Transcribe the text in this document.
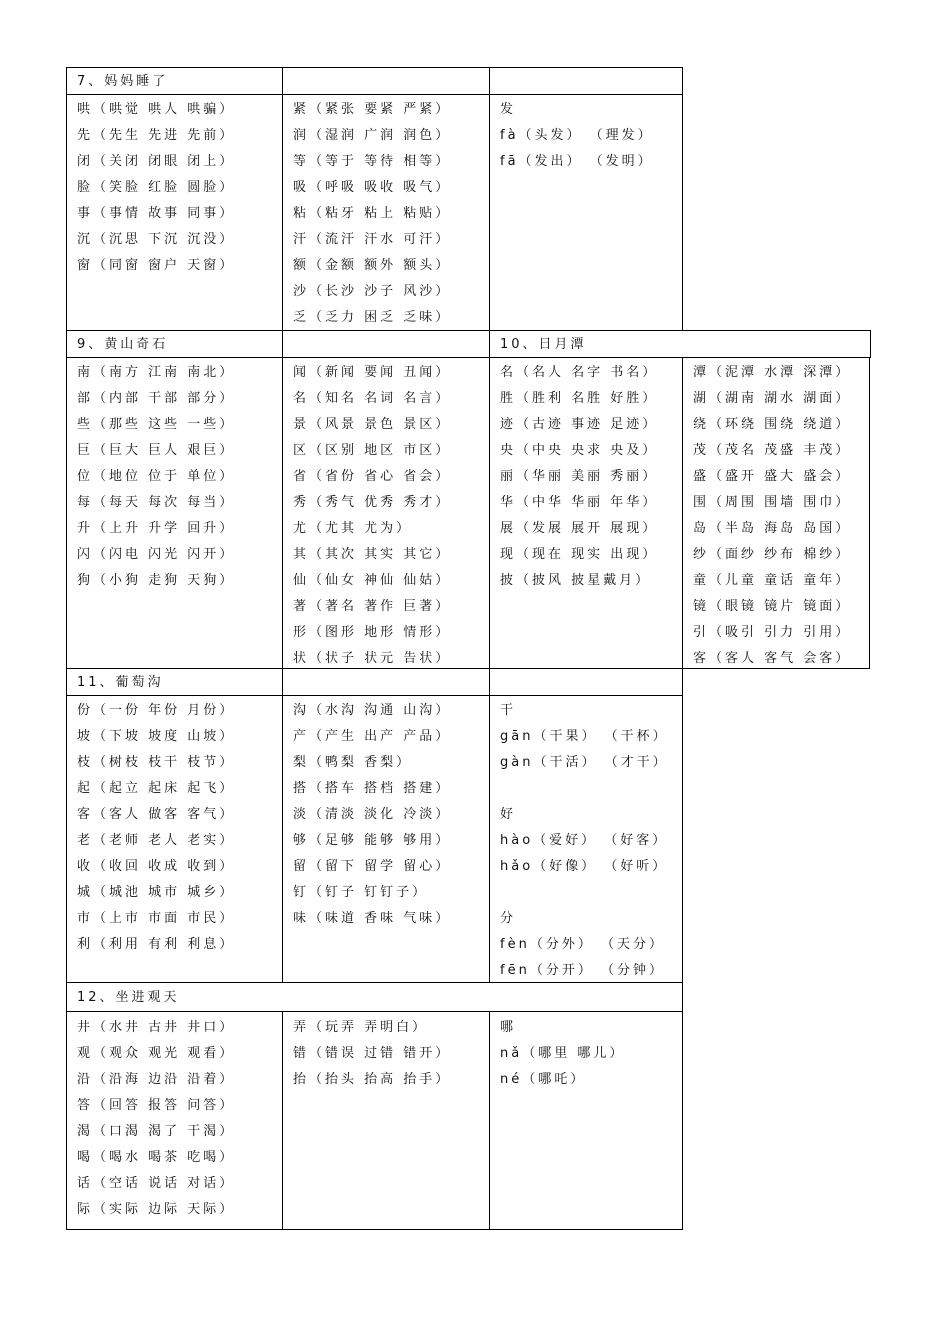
7、妈妈睡了
哄（哄觉 哄人 哄骗）
先（先生 先进 先前）
闭（关闭 闭眼 闭上）
脸（笑脸 红脸 圆脸）
事（事情 故事 同事）
沉（沉思 下沉 沉没）
窗（同窗 窗户 天窗）
紧（紧张 要紧 严紧）
润（湿润 广润 润色）
等（等于 等待 相等）
吸（呼吸 吸收 吸气）
粘（粘牙 粘上 粘贴）
汗（流汗 汗水 可汗）
额（金额 额外 额头）
沙（长沙 沙子 风沙）
乏（乏力 困乏 乏味）
发
fà（头发） （理发）
fā（发出） （发明）
9、黄山奇石	10、日月潭
南（南方 江南 南北）
部（内部 干部 部分）
些（那些 这些 一些）
巨（巨大 巨人 艰巨）
位（地位 位于 单位）
每（每天 每次 每当）
升（上升 升学 回升）
闪（闪电 闪光 闪开）
狗（小狗 走狗 天狗）
闻（新闻 要闻 丑闻）
名（知名 名词 名言）
景（风景 景色 景区）
区（区别 地区 市区）
省（省份 省心 省会）
秀（秀气 优秀 秀才）
尤（尤其 尤为）
其（其次 其实 其它）
仙（仙女 神仙 仙姑）
著（著名 著作 巨著）
形（图形 地形 情形）
状（状子 状元 告状）
名（名人 名字 书名）
胜（胜利 名胜 好胜）
迹（古迹 事迹 足迹）
央（中央 央求 央及）
丽（华丽 美丽 秀丽）
华（中华 华丽 年华）
展（发展 展开 展现）
现（现在 现实 出现）
披（披风 披星戴月）
潭（泥潭 水潭 深潭）
湖（湖南 湖水 湖面）
绕（环绕 围绕 绕道）
茂（茂名 茂盛 丰茂）
盛（盛开 盛大 盛会）
围（周围 围墙 围巾）
岛（半岛 海岛 岛国）
纱（面纱 纱布 棉纱）
童（儿童 童话 童年）
镜（眼镜 镜片 镜面）
引（吸引 引力 引用）
客（客人 客气 会客）
11、葡萄沟
份（一份 年份 月份）
坡（下坡 坡度 山坡）
枝（树枝 枝干 枝节）
起（起立 起床 起飞）
客（客人 做客 客气）
老（老师 老人 老实）
收（收回 收成 收到）
城（城池 城市 城乡）
市（上市 市面 市民）
利（利用 有利 利息）
沟（水沟 沟通 山沟）
产（产生 出产 产品）
梨（鸭梨 香梨）
搭（搭车 搭档 搭建）
淡（清淡 淡化 冷淡）
够（足够 能够 够用）
留（留下 留学 留心）
钉（钉子 钉钉子）
味（味道 香味 气味）
干
gān（干果） （干杯）
gàn（干活） （才干）
好
hào（爱好） （好客）
hǎo（好像） （好听）
分
fèn（分外） （天分）
fēn（分开） （分钟）
12、坐进观天
井（水井 古井 井口）
观（观众 观光 观看）
沿（沿海 边沿 沿着）
答（回答 报答 问答）
渴（口渴 渴了 干渴）
喝（喝水 喝茶 吃喝）
话（空话 说话 对话）
际（实际 边际 天际）
弄（玩弄 弄明白）
错（错误 过错 错开）
抬（抬头 抬高 抬手）
哪
nǎ（哪里 哪儿）
né（哪吒）
